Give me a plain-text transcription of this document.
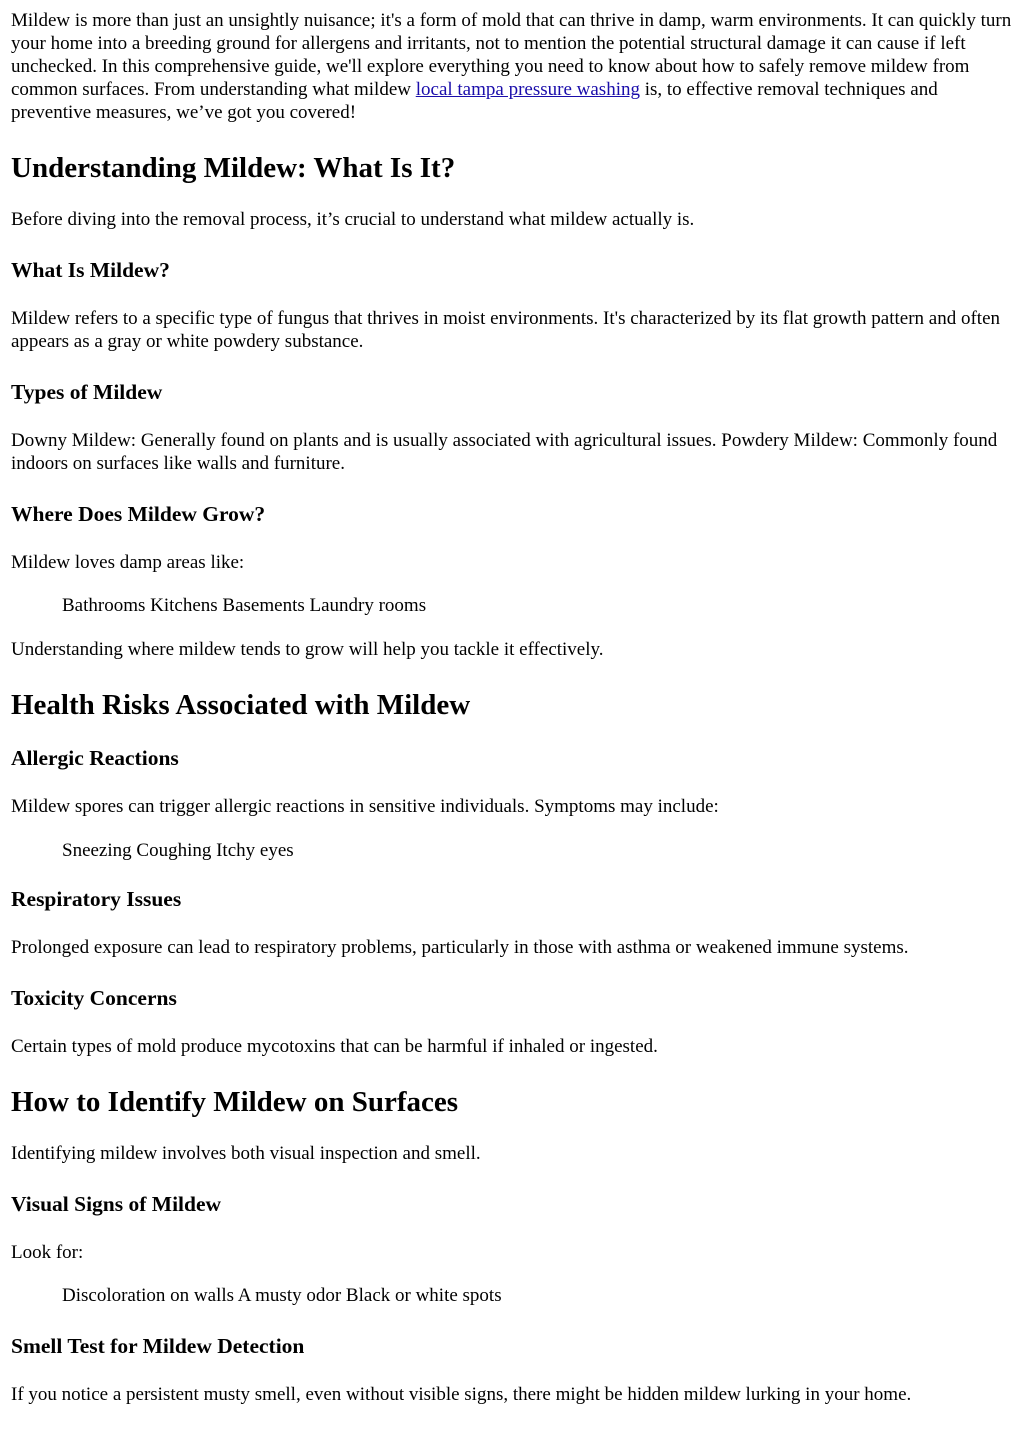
Mildew is more than just an unsightly nuisance; it's a form of mold that can thrive in damp, warm environments. It can quickly turn your home into a breeding ground for allergens and irritants, not to mention the potential structural damage it can cause if left unchecked. In this comprehensive guide, we'll explore everything you need to know about how to safely remove mildew from common surfaces. From understanding what mildew local tampa pressure washing is, to effective removal techniques and preventive measures, we’ve got you covered!

Understanding Mildew: What Is It?

Before diving into the removal process, it’s crucial to understand what mildew actually is.

What Is Mildew?

Mildew refers to a specific type of fungus that thrives in moist environments. It's characterized by its flat growth pattern and often appears as a gray or white powdery substance.

Types of Mildew

Downy Mildew: Generally found on plants and is usually associated with agricultural issues. Powdery Mildew: Commonly found indoors on surfaces like walls and furniture.

Where Does Mildew Grow?

Mildew loves damp areas like:

Bathrooms Kitchens Basements Laundry rooms

Understanding where mildew tends to grow will help you tackle it effectively.

Health Risks Associated with Mildew
Allergic Reactions

Mildew spores can trigger allergic reactions in sensitive individuals. Symptoms may include:

Sneezing Coughing Itchy eyes
Respiratory Issues

Prolonged exposure can lead to respiratory problems, particularly in those with asthma or weakened immune systems.

Toxicity Concerns

Certain types of mold produce mycotoxins that can be harmful if inhaled or ingested.

How to Identify Mildew on Surfaces

Identifying mildew involves both visual inspection and smell.

Visual Signs of Mildew

Look for:

Discoloration on walls A musty odor Black or white spots
Smell Test for Mildew Detection

If you notice a persistent musty smell, even without visible signs, there might be hidden mildew lurking in your home.
